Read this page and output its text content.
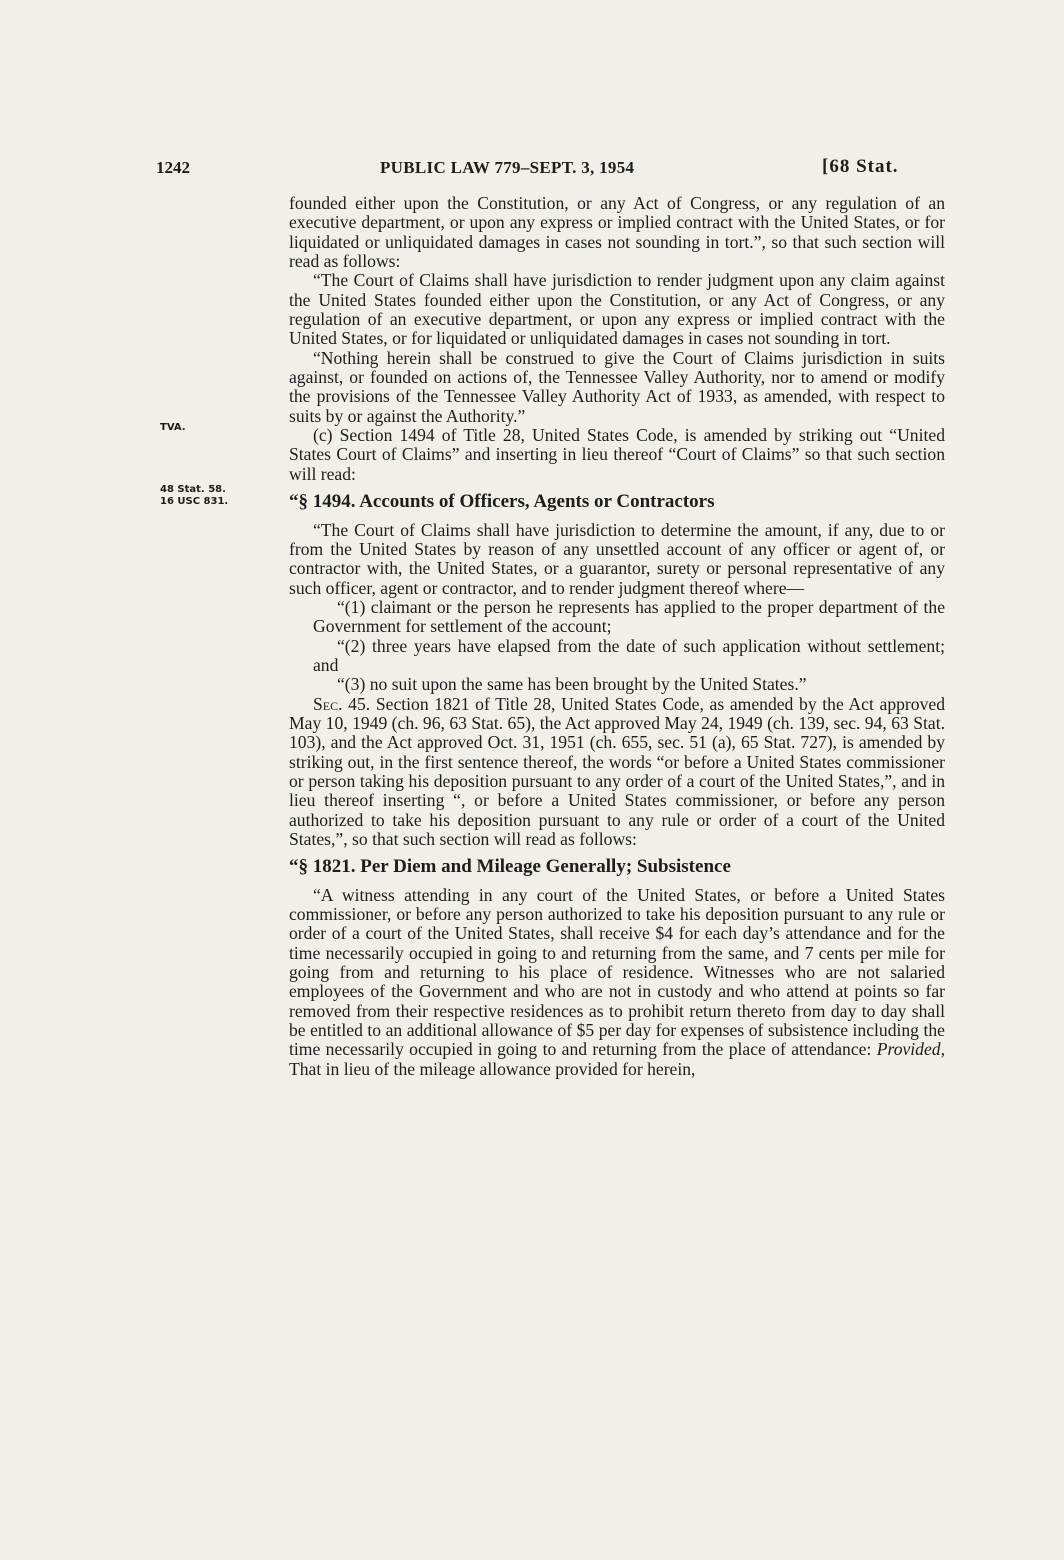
1242	PUBLIC LAW 779–SEPT. 3, 1954	[68 Stat.
TVA.
48 Stat. 58.
16 USC 831.

founded either upon the Constitution, or any Act of Congress, or any regulation of an executive department, or upon any express or implied contract with the United States, or for liquidated or unliquidated damages in cases not sounding in tort.”, so that such section will read as follows:

“The Court of Claims shall have jurisdiction to render judgment upon any claim against the United States founded either upon the Constitution, or any Act of Congress, or any regulation of an executive department, or upon any express or implied contract with the United States, or for liquidated or unliquidated damages in cases not sounding in tort.

“Nothing herein shall be construed to give the Court of Claims jurisdiction in suits against, or founded on actions of, the Tennessee Valley Authority, nor to amend or modify the provisions of the Tennessee Valley Authority Act of 1933, as amended, with respect to suits by or against the Authority.”

(c) Section 1494 of Title 28, United States Code, is amended by striking out “United States Court of Claims” and inserting in lieu thereof “Court of Claims” so that such section will read:

“§ 1494. Accounts of Officers, Agents or Contractors

“The Court of Claims shall have jurisdiction to determine the amount, if any, due to or from the United States by reason of any unsettled account of any officer or agent of, or contractor with, the United States, or a guarantor, surety or personal representative of any such officer, agent or contractor, and to render judgment thereof where—

“(1) claimant or the person he represents has applied to the proper department of the Government for settlement of the account;

“(2) three years have elapsed from the date of such application without settlement; and

“(3) no suit upon the same has been brought by the United States.”

Sec. 45. Section 1821 of Title 28, United States Code, as amended by the Act approved May 10, 1949 (ch. 96, 63 Stat. 65), the Act approved May 24, 1949 (ch. 139, sec. 94, 63 Stat. 103), and the Act approved Oct. 31, 1951 (ch. 655, sec. 51 (a), 65 Stat. 727), is amended by striking out, in the first sentence thereof, the words “or before a United States commissioner or person taking his deposition pursuant to any order of a court of the United States,”, and in lieu thereof inserting “, or before a United States commissioner, or before any person authorized to take his deposition pursuant to any rule or order of a court of the United States,”, so that such section will read as follows:

“§ 1821. Per Diem and Mileage Generally; Subsistence

“A witness attending in any court of the United States, or before a United States commissioner, or before any person authorized to take his deposition pursuant to any rule or order of a court of the United States, shall receive $4 for each day’s attendance and for the time necessarily occupied in going to and returning from the same, and 7 cents per mile for going from and returning to his place of residence. Witnesses who are not salaried employees of the Government and who are not in custody and who attend at points so far removed from their respective residences as to prohibit return thereto from day to day shall be entitled to an additional allowance of $5 per day for expenses of subsistence including the time necessarily occupied in going to and returning from the place of attendance: Provided, That in lieu of the mileage allowance provided for herein,
